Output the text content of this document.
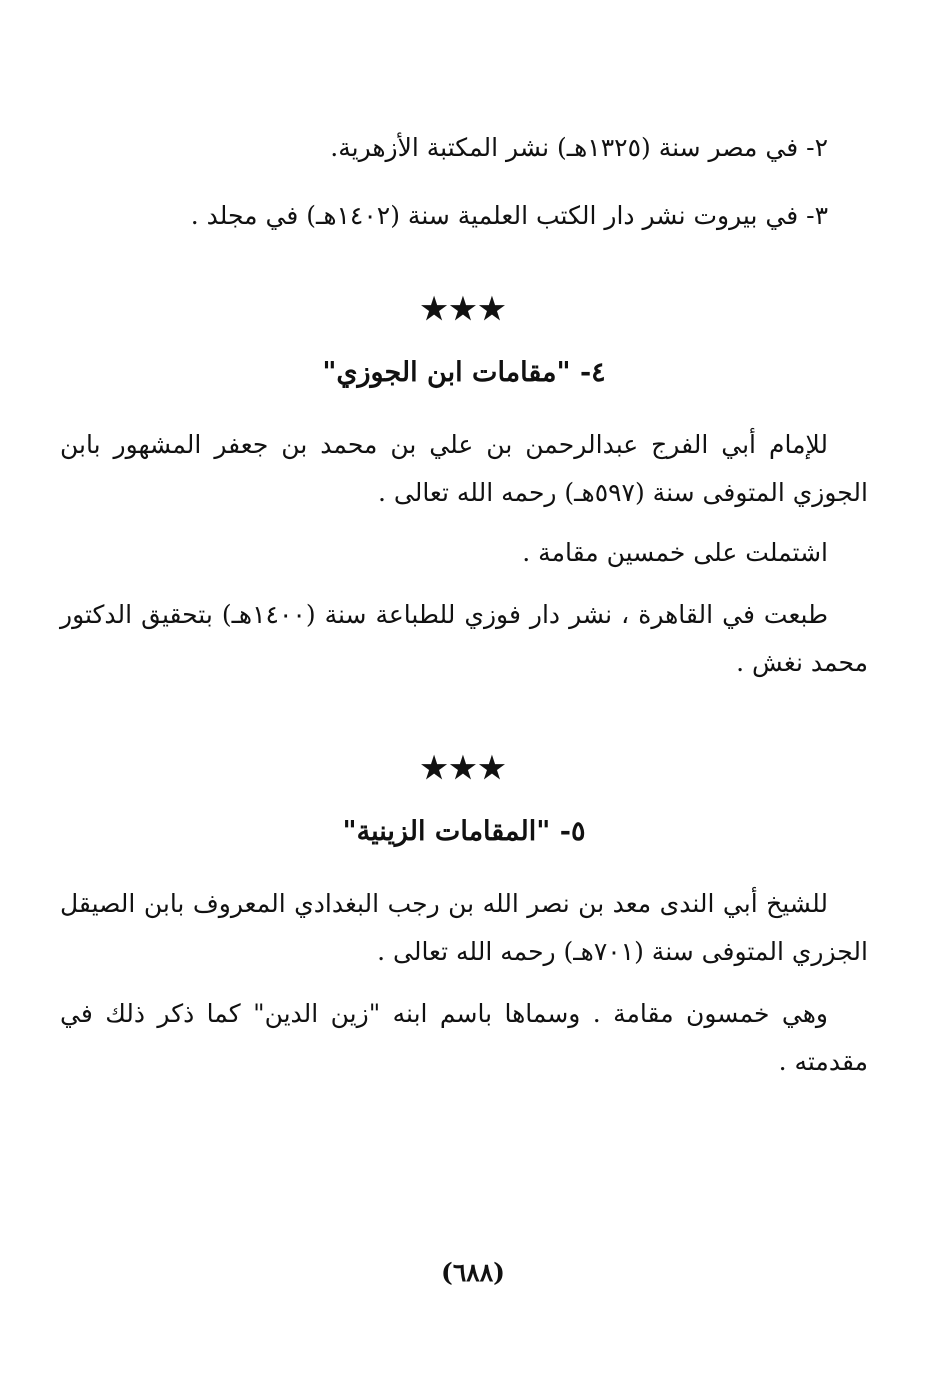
٢- في مصر سنة (١٣٢٥هـ) نشر المكتبة الأزهرية.

٣- في بيروت نشر دار الكتب العلمية سنة (١٤٠٢هـ) في مجلد .

★★★

٤- "مقامات ابن الجوزي"

للإمام أبي الفرج عبدالرحمن بن علي بن محمد بن جعفر المشهور بابن الجوزي المتوفى سنة (٥٩٧هـ) رحمه الله تعالى .

اشتملت على خمسين مقامة .

طبعت في القاهرة ، نشر دار فوزي للطباعة سنة (١٤٠٠هـ) بتحقيق الدكتور محمد نغش .

★★★

٥- "المقامات الزينية"

للشيخ أبي الندى معد بن نصر الله بن رجب البغدادي المعروف بابن الصيقل الجزري المتوفى سنة (٧٠١هـ) رحمه الله تعالى .

وهي خمسون مقامة . وسماها باسم ابنه "زين الدين" كما ذكر ذلك في مقدمته .

(٦٨٨)
